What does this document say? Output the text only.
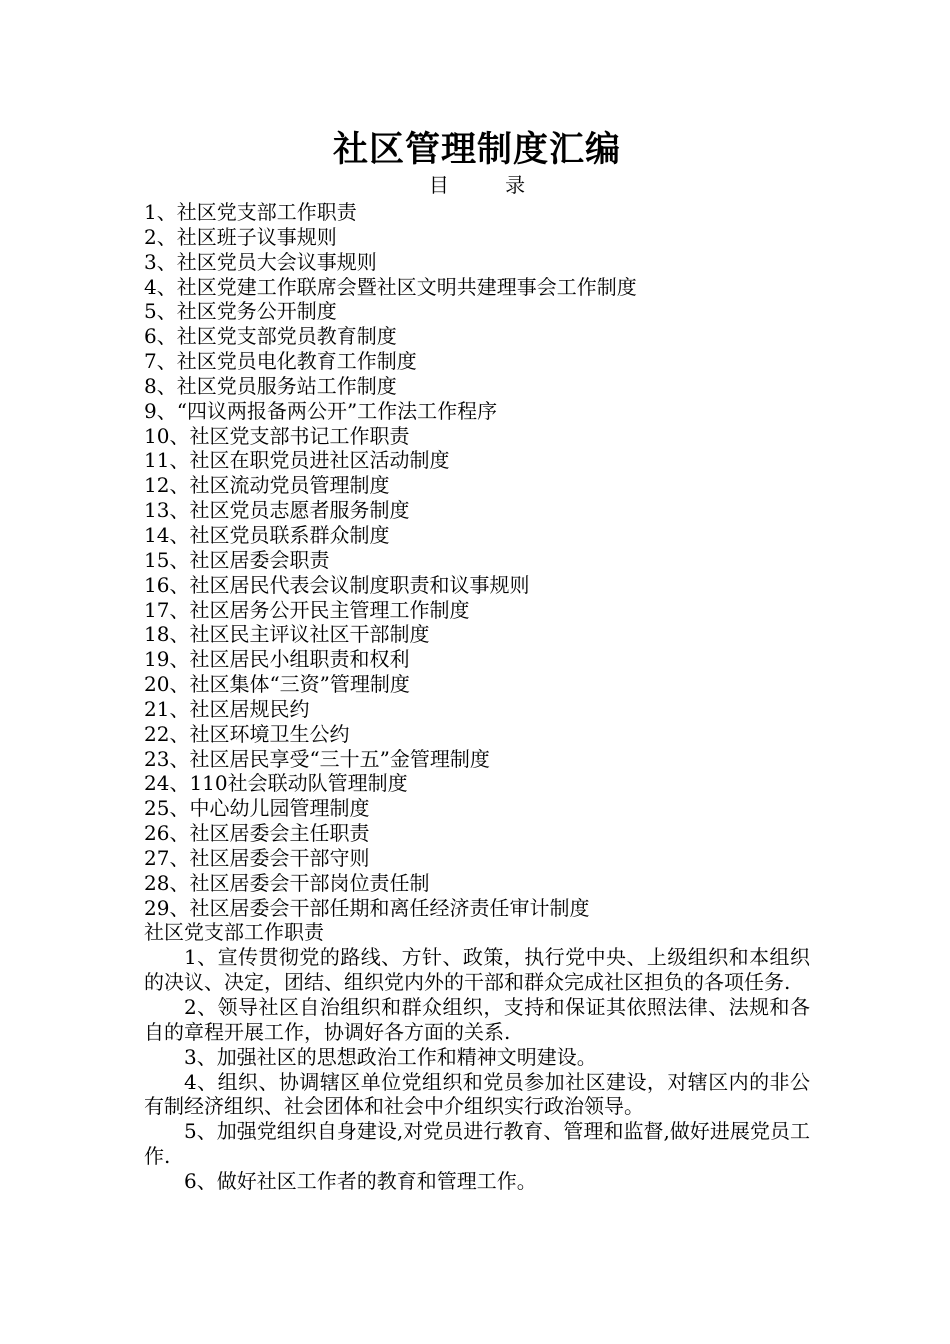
社区管理制度汇编
目 录
1、社区党支部工作职责
2、社区班子议事规则
3、社区党员大会议事规则
4、社区党建工作联席会暨社区文明共建理事会工作制度
5、社区党务公开制度
6、社区党支部党员教育制度
7、社区党员电化教育工作制度
8、社区党员服务站工作制度
9、“四议两报备两公开”工作法工作程序
10、社区党支部书记工作职责
11、社区在职党员进社区活动制度
12、社区流动党员管理制度
13、社区党员志愿者服务制度
14、社区党员联系群众制度
15、社区居委会职责
16、社区居民代表会议制度职责和议事规则
17、社区居务公开民主管理工作制度
18、社区民主评议社区干部制度
19、社区居民小组职责和权利
20、社区集体“三资”管理制度
21、社区居规民约
22、社区环境卫生公约
23、社区居民享受“三十五”金管理制度
24、110社会联动队管理制度
25、中心幼儿园管理制度
26、社区居委会主任职责
27、社区居委会干部守则
28、社区居委会干部岗位责任制
29、社区居委会干部任期和离任经济责任审计制度
社区党支部工作职责

1、宣传贯彻党的路线、方针、政策，执行党中央、上级组织和本组织的决议、决定，团结、组织党内外的干部和群众完成社区担负的各项任务.

2、领导社区自治组织和群众组织，支持和保证其依照法律、法规和各自的章程开展工作，协调好各方面的关系.

3、加强社区的思想政治工作和精神文明建设。

4、组织、协调辖区单位党组织和党员参加社区建设，对辖区内的非公有制经济组织、社会团体和社会中介组织实行政治领导。

5、加强党组织自身建设,对党员进行教育、管理和监督,做好进展党员工作.

6、做好社区工作者的教育和管理工作。
